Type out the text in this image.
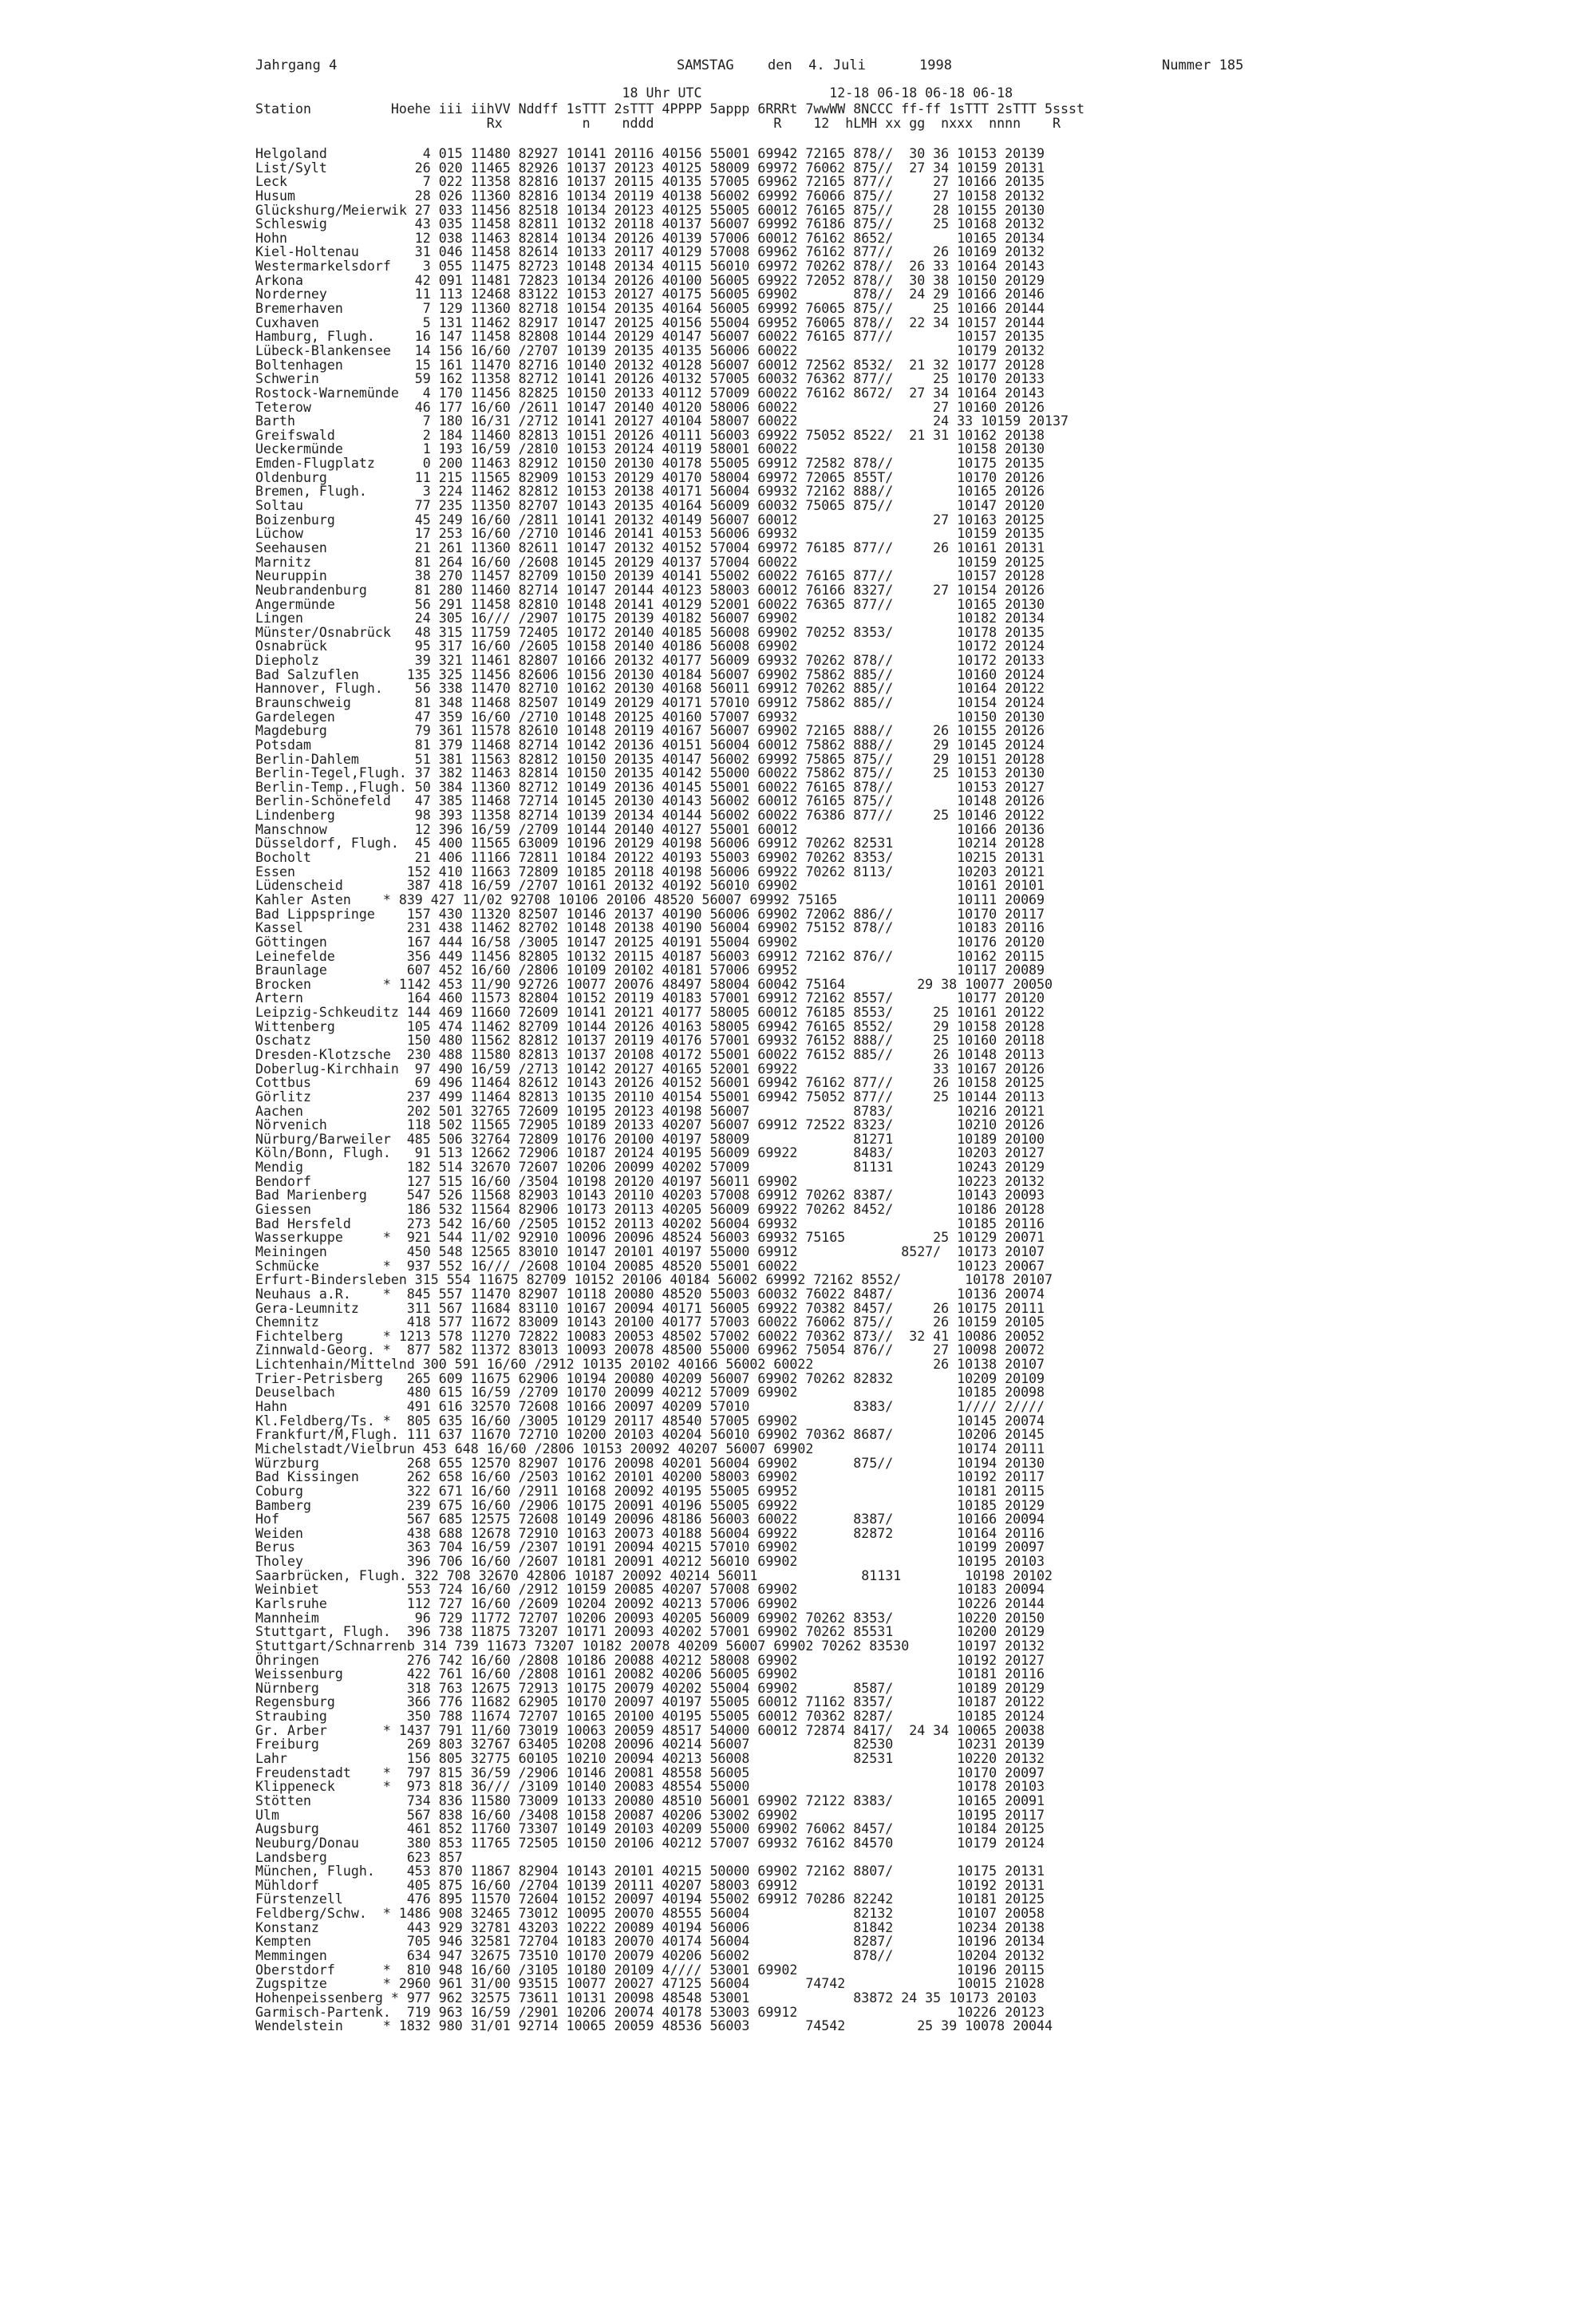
Jahrgang 4	SAMSTAG den  4. Juli	1998	Nummer 185
18 Uhr UTC                12-18 06-18 06-18 06-18
Station          Hoehe iii iihVV Nddff 1sTTT 2sTTT 4PPPP 5appp 6RRRt 7wwWW 8NCCC ff-ff 1sTTT 2sTTT 5ssst
Rx          n    nddd               R    12  hLMH xx gg  nxxx  nnnn    R
Helgoland            4 015 11480 82927 10141 20116 40156 55001 69942 72165 878//  30 36 10153 20139
List/Sylt           26 020 11465 82926 10137 20123 40125 58009 69972 76062 875//  27 34 10159 20131
Leck                 7 022 11358 82816 10137 20115 40135 57005 69962 72165 877//     27 10166 20135
Husum               28 026 11360 82816 10134 20119 40138 56002 69992 76066 875//     27 10158 20132
Glückshurg/Meierwik 27 033 11456 82518 10134 20123 40125 55005 60012 76165 875//     28 10155 20130
Schleswig           43 035 11458 82811 10132 20118 40137 56007 69992 76186 875//     25 10168 20132
Hohn                12 038 11463 82814 10134 20126 40139 57006 60012 76162 8652/        10165 20134
Kiel-Holtenau       31 046 11458 82614 10133 20117 40129 57008 69962 76162 877//     26 10169 20132
Westermarkelsdorf    3 055 11475 82723 10148 20134 40115 56010 69972 70262 878//  26 33 10164 20143
Arkona              42 091 11481 72823 10134 20126 40100 56005 69922 72052 878//  30 38 10150 20129
Norderney           11 113 12468 83122 10153 20127 40175 56005 69902       878//  24 29 10166 20146
Bremerhaven          7 129 11360 82718 10154 20135 40164 56005 69992 76065 875//     25 10166 20144
Cuxhaven             5 131 11462 82917 10147 20125 40156 55004 69952 76065 878//  22 34 10157 20144
Hamburg, Flugh.     16 147 11458 82808 10144 20129 40147 56007 60022 76165 877//        10157 20135
Lübeck-Blankensee   14 156 16/60 /2707 10139 20135 40135 56006 60022                    10179 20132
Boltenhagen         15 161 11470 82716 10140 20132 40128 56007 60012 72562 8532/  21 32 10177 20128
Schwerin            59 162 11358 82712 10141 20126 40132 57005 60032 76362 877//     25 10170 20133
Rostock-Warnemünde   4 170 11456 82825 10150 20133 40112 57009 60022 76162 8672/  27 34 10164 20143
Teterow             46 177 16/60 /2611 10147 20140 40120 58006 60022                 27 10160 20126
Barth                7 180 16/31 /2712 10141 20127 40104 58007 60022                 24 33 10159 20137
Greifswald           2 184 11460 82813 10151 20126 40111 56003 69922 75052 8522/  21 31 10162 20138
Ueckermünde          1 193 16/59 /2810 10153 20124 40119 58001 60022                    10158 20130
Emden-Flugplatz      0 200 11463 82912 10150 20130 40178 55005 69912 72582 878//        10175 20135
Oldenburg           11 215 11565 82909 10153 20129 40170 58004 69972 72065 855T/        10170 20126
Bremen, Flugh.       3 224 11462 82812 10153 20138 40171 56004 69932 72162 888//        10165 20126
Soltau              77 235 11350 82707 10143 20135 40164 56009 60032 75065 875//        10147 20120
Boizenburg          45 249 16/60 /2811 10141 20132 40149 56007 60012                 27 10163 20125
Lüchow              17 253 16/60 /2710 10146 20141 40153 56006 69932                    10159 20135
Seehausen           21 261 11360 82611 10147 20132 40152 57004 69972 76185 877//     26 10161 20131
Marnitz             81 264 16/60 /2608 10145 20129 40137 57004 60022                    10159 20125
Neuruppin           38 270 11457 82709 10150 20139 40141 55002 60022 76165 877//        10157 20128
Neubrandenburg      81 280 11460 82714 10147 20144 40123 58003 60012 76166 8327/     27 10154 20126
Angermünde          56 291 11458 82810 10148 20141 40129 52001 60022 76365 877//        10165 20130
Lingen              24 305 16/// /2907 10175 20139 40182 56007 69902                    10182 20134
Münster/Osnabrück   48 315 11759 72405 10172 20140 40185 56008 69902 70252 8353/        10178 20135
Osnabrück           95 317 16/60 /2605 10158 20140 40186 56008 69902                    10172 20124
Diepholz            39 321 11461 82807 10166 20132 40177 56009 69932 70262 878//        10172 20133
Bad Salzuflen      135 325 11456 82606 10156 20130 40184 56007 69902 75862 885//        10160 20124
Hannover, Flugh.    56 338 11470 82710 10162 20130 40168 56011 69912 70262 885//        10164 20122
Braunschweig        81 348 11468 82507 10149 20129 40171 57010 69912 75862 885//        10154 20124
Gardelegen          47 359 16/60 /2710 10148 20125 40160 57007 69932                    10150 20130
Magdeburg           79 361 11578 82610 10148 20119 40167 56007 69902 72165 888//     26 10155 20126
Potsdam             81 379 11468 82714 10142 20136 40151 56004 60012 75862 888//     29 10145 20124
Berlin-Dahlem       51 381 11563 82812 10150 20135 40147 56002 69992 75865 875//     29 10151 20128
Berlin-Tegel,Flugh. 37 382 11463 82814 10150 20135 40142 55000 60022 75862 875//     25 10153 20130
Berlin-Temp.,Flugh. 50 384 11360 82712 10149 20136 40145 55001 60022 76165 878//        10153 20127
Berlin-Schönefeld   47 385 11468 72714 10145 20130 40143 56002 60012 76165 875//        10148 20126
Lindenberg          98 393 11358 82714 10139 20134 40144 56002 60022 76386 877//     25 10146 20122
Manschnow           12 396 16/59 /2709 10144 20140 40127 55001 60012                    10166 20136
Düsseldorf, Flugh.  45 400 11565 63009 10196 20129 40198 56006 69912 70262 82531        10214 20128
Bocholt             21 406 11166 72811 10184 20122 40193 55003 69902 70262 8353/        10215 20131
Essen              152 410 11663 72809 10185 20118 40198 56006 69922 70262 8113/        10203 20121
Lüdenscheid        387 418 16/59 /2707 10161 20132 40192 56010 69902                    10161 20101
Kahler Asten    * 839 427 11/02 92708 10106 20106 48520 56007 69992 75165               10111 20069
Bad Lippspringe    157 430 11320 82507 10146 20137 40190 56006 69902 72062 886//        10170 20117
Kassel             231 438 11462 82702 10148 20138 40190 56004 69902 75152 878//        10183 20116
Göttingen          167 444 16/58 /3005 10147 20125 40191 55004 69902                    10176 20120
Leinefelde         356 449 11456 82805 10132 20115 40187 56003 69912 72162 876//        10162 20115
Braunlage          607 452 16/60 /2806 10109 20102 40181 57006 69952                    10117 20089
Brocken         * 1142 453 11/90 92726 10077 20076 48497 58004 60042 75164         29 38 10077 20050
Artern             164 460 11573 82804 10152 20119 40183 57001 69912 72162 8557/        10177 20120
Leipzig-Schkeuditz 144 469 11660 72609 10141 20121 40177 58005 60012 76185 8553/     25 10161 20122
Wittenberg         105 474 11462 82709 10144 20126 40163 58005 69942 76165 8552/     29 10158 20128
Oschatz            150 480 11562 82812 10137 20119 40176 57001 69932 76152 888//     25 10160 20118
Dresden-Klotzsche  230 488 11580 82813 10137 20108 40172 55001 60022 76152 885//     26 10148 20113
Doberlug-Kirchhain  97 490 16/59 /2713 10142 20127 40165 52001 69922                 33 10167 20126
Cottbus             69 496 11464 82612 10143 20126 40152 56001 69942 76162 877//     26 10158 20125
Görlitz            237 499 11464 82813 10135 20110 40154 55001 69942 75052 877//     25 10144 20113
Aachen             202 501 32765 72609 10195 20123 40198 56007             8783/        10216 20121
Nörvenich          118 502 11565 72905 10189 20133 40207 56007 69912 72522 8323/        10210 20126
Nürburg/Barweiler  485 506 32764 72809 10176 20100 40197 58009             81271        10189 20100
Köln/Bonn, Flugh.   91 513 12662 72906 10187 20124 40195 56009 69922       8483/        10203 20127
Mendig             182 514 32670 72607 10206 20099 40202 57009             81131        10243 20129
Bendorf            127 515 16/60 /3504 10198 20120 40197 56011 69902                    10223 20132
Bad Marienberg     547 526 11568 82903 10143 20110 40203 57008 69912 70262 8387/        10143 20093
Giessen            186 532 11564 82906 10173 20113 40205 56009 69922 70262 8452/        10186 20128
Bad Hersfeld       273 542 16/60 /2505 10152 20113 40202 56004 69932                    10185 20116
Wasserkuppe     *  921 544 11/02 92910 10096 20096 48524 56003 69932 75165           25 10129 20071
Meiningen          450 548 12565 83010 10147 20101 40197 55000 69912             8527/  10173 20107
Schmücke        *  937 552 16/// /2608 10104 20085 48520 55001 60022                    10123 20067
Erfurt-Bindersleben 315 554 11675 82709 10152 20106 40184 56002 69992 72162 8552/        10178 20107
Neuhaus a.R.    *  845 557 11470 82907 10118 20080 48520 55003 60032 76022 8487/        10136 20074
Gera-Leumnitz      311 567 11684 83110 10167 20094 40171 56005 69922 70382 8457/     26 10175 20111
Chemnitz           418 577 11672 83009 10143 20100 40177 57003 60022 76062 875//     26 10159 20105
Fichtelberg     * 1213 578 11270 72822 10083 20053 48502 57002 60022 70362 873//  32 41 10086 20052
Zinnwald-Georg. *  877 582 11372 83013 10093 20078 48500 55000 69962 75054 876//     27 10098 20072
Lichtenhain/Mittelnd 300 591 16/60 /2912 10135 20102 40166 56002 60022               26 10138 20107
Trier-Petrisberg   265 609 11675 62906 10194 20080 40209 56007 69902 70262 82832        10209 20109
Deuselbach         480 615 16/59 /2709 10170 20099 40212 57009 69902                    10185 20098
Hahn               491 616 32570 72608 10166 20097 40209 57010             8383/        1//// 2////
Kl.Feldberg/Ts. *  805 635 16/60 /3005 10129 20117 48540 57005 69902                    10145 20074
Frankfurt/M,Flugh. 111 637 11670 72710 10200 20103 40204 56010 69902 70362 8687/        10206 20145
Michelstadt/Vielbrun 453 648 16/60 /2806 10153 20092 40207 56007 69902                  10174 20111
Würzburg           268 655 12570 82907 10176 20098 40201 56004 69902       875//        10194 20130
Bad Kissingen      262 658 16/60 /2503 10162 20101 40200 58003 69902                    10192 20117
Coburg             322 671 16/60 /2911 10168 20092 40195 55005 69952                    10181 20115
Bamberg            239 675 16/60 /2906 10175 20091 40196 55005 69922                    10185 20129
Hof                567 685 12575 72608 10149 20096 48186 56003 60022       8387/        10166 20094
Weiden             438 688 12678 72910 10163 20073 40188 56004 69922       82872        10164 20116
Berus              363 704 16/59 /2307 10191 20094 40215 57010 69902                    10199 20097
Tholey             396 706 16/60 /2607 10181 20091 40212 56010 69902                    10195 20103
Saarbrücken, Flugh. 322 708 32670 42806 10187 20092 40214 56011             81131        10198 20102
Weinbiet           553 724 16/60 /2912 10159 20085 40207 57008 69902                    10183 20094
Karlsruhe          112 727 16/60 /2609 10204 20092 40213 57006 69902                    10226 20144
Mannheim            96 729 11772 72707 10206 20093 40205 56009 69902 70262 8353/        10220 20150
Stuttgart, Flugh.  396 738 11875 73207 10171 20093 40202 57001 69902 70262 85531        10200 20129
Stuttgart/Schnarrenb 314 739 11673 73207 10182 20078 40209 56007 69902 70262 83530      10197 20132
Öhringen           276 742 16/60 /2808 10186 20088 40212 58008 69902                    10192 20127
Weissenburg        422 761 16/60 /2808 10161 20082 40206 56005 69902                    10181 20116
Nürnberg           318 763 12675 72913 10175 20079 40202 55004 69902       8587/        10189 20129
Regensburg         366 776 11682 62905 10170 20097 40197 55005 60012 71162 8357/        10187 20122
Straubing          350 788 11674 72707 10165 20100 40195 55005 60012 70362 8287/        10185 20124
Gr. Arber       * 1437 791 11/60 73019 10063 20059 48517 54000 60012 72874 8417/  24 34 10065 20038
Freiburg           269 803 32767 63405 10208 20096 40214 56007             82530        10231 20139
Lahr               156 805 32775 60105 10210 20094 40213 56008             82531        10220 20132
Freudenstadt    *  797 815 36/59 /2906 10146 20081 48558 56005                          10170 20097
Klippeneck      *  973 818 36/// /3109 10140 20083 48554 55000                          10178 20103
Stötten            734 836 11580 73009 10133 20080 48510 56001 69902 72122 8383/        10165 20091
Ulm                567 838 16/60 /3408 10158 20087 40206 53002 69902                    10195 20117
Augsburg           461 852 11760 73307 10149 20103 40209 55000 69902 76062 8457/        10184 20125
Neuburg/Donau      380 853 11765 72505 10150 20106 40212 57007 69932 76162 84570        10179 20124
Landsberg          623 857
München, Flugh.    453 870 11867 82904 10143 20101 40215 50000 69902 72162 8807/        10175 20131
Mühldorf           405 875 16/60 /2704 10139 20111 40207 58003 69912                    10192 20131
Fürstenzell        476 895 11570 72604 10152 20097 40194 55002 69912 70286 82242        10181 20125
Feldberg/Schw.  * 1486 908 32465 73012 10095 20070 48555 56004             82132        10107 20058
Konstanz           443 929 32781 43203 10222 20089 40194 56006             81842        10234 20138
Kempten            705 946 32581 72704 10183 20070 40174 56004             8287/        10196 20134
Memmingen          634 947 32675 73510 10170 20079 40206 56002             878//        10204 20132
Oberstdorf      *  810 948 16/60 /3105 10180 20109 4//// 53001 69902                    10196 20115
Zugspitze       * 2960 961 31/00 93515 10077 20027 47125 56004       74742              10015 21028
Hohenpeissenberg * 977 962 32575 73611 10131 20098 48548 53001             83872 24 35 10173 20103
Garmisch-Partenk.  719 963 16/59 /2901 10206 20074 40178 53003 69912                    10226 20123
Wendelstein     * 1832 980 31/01 92714 10065 20059 48536 56003       74542         25 39 10078 20044
